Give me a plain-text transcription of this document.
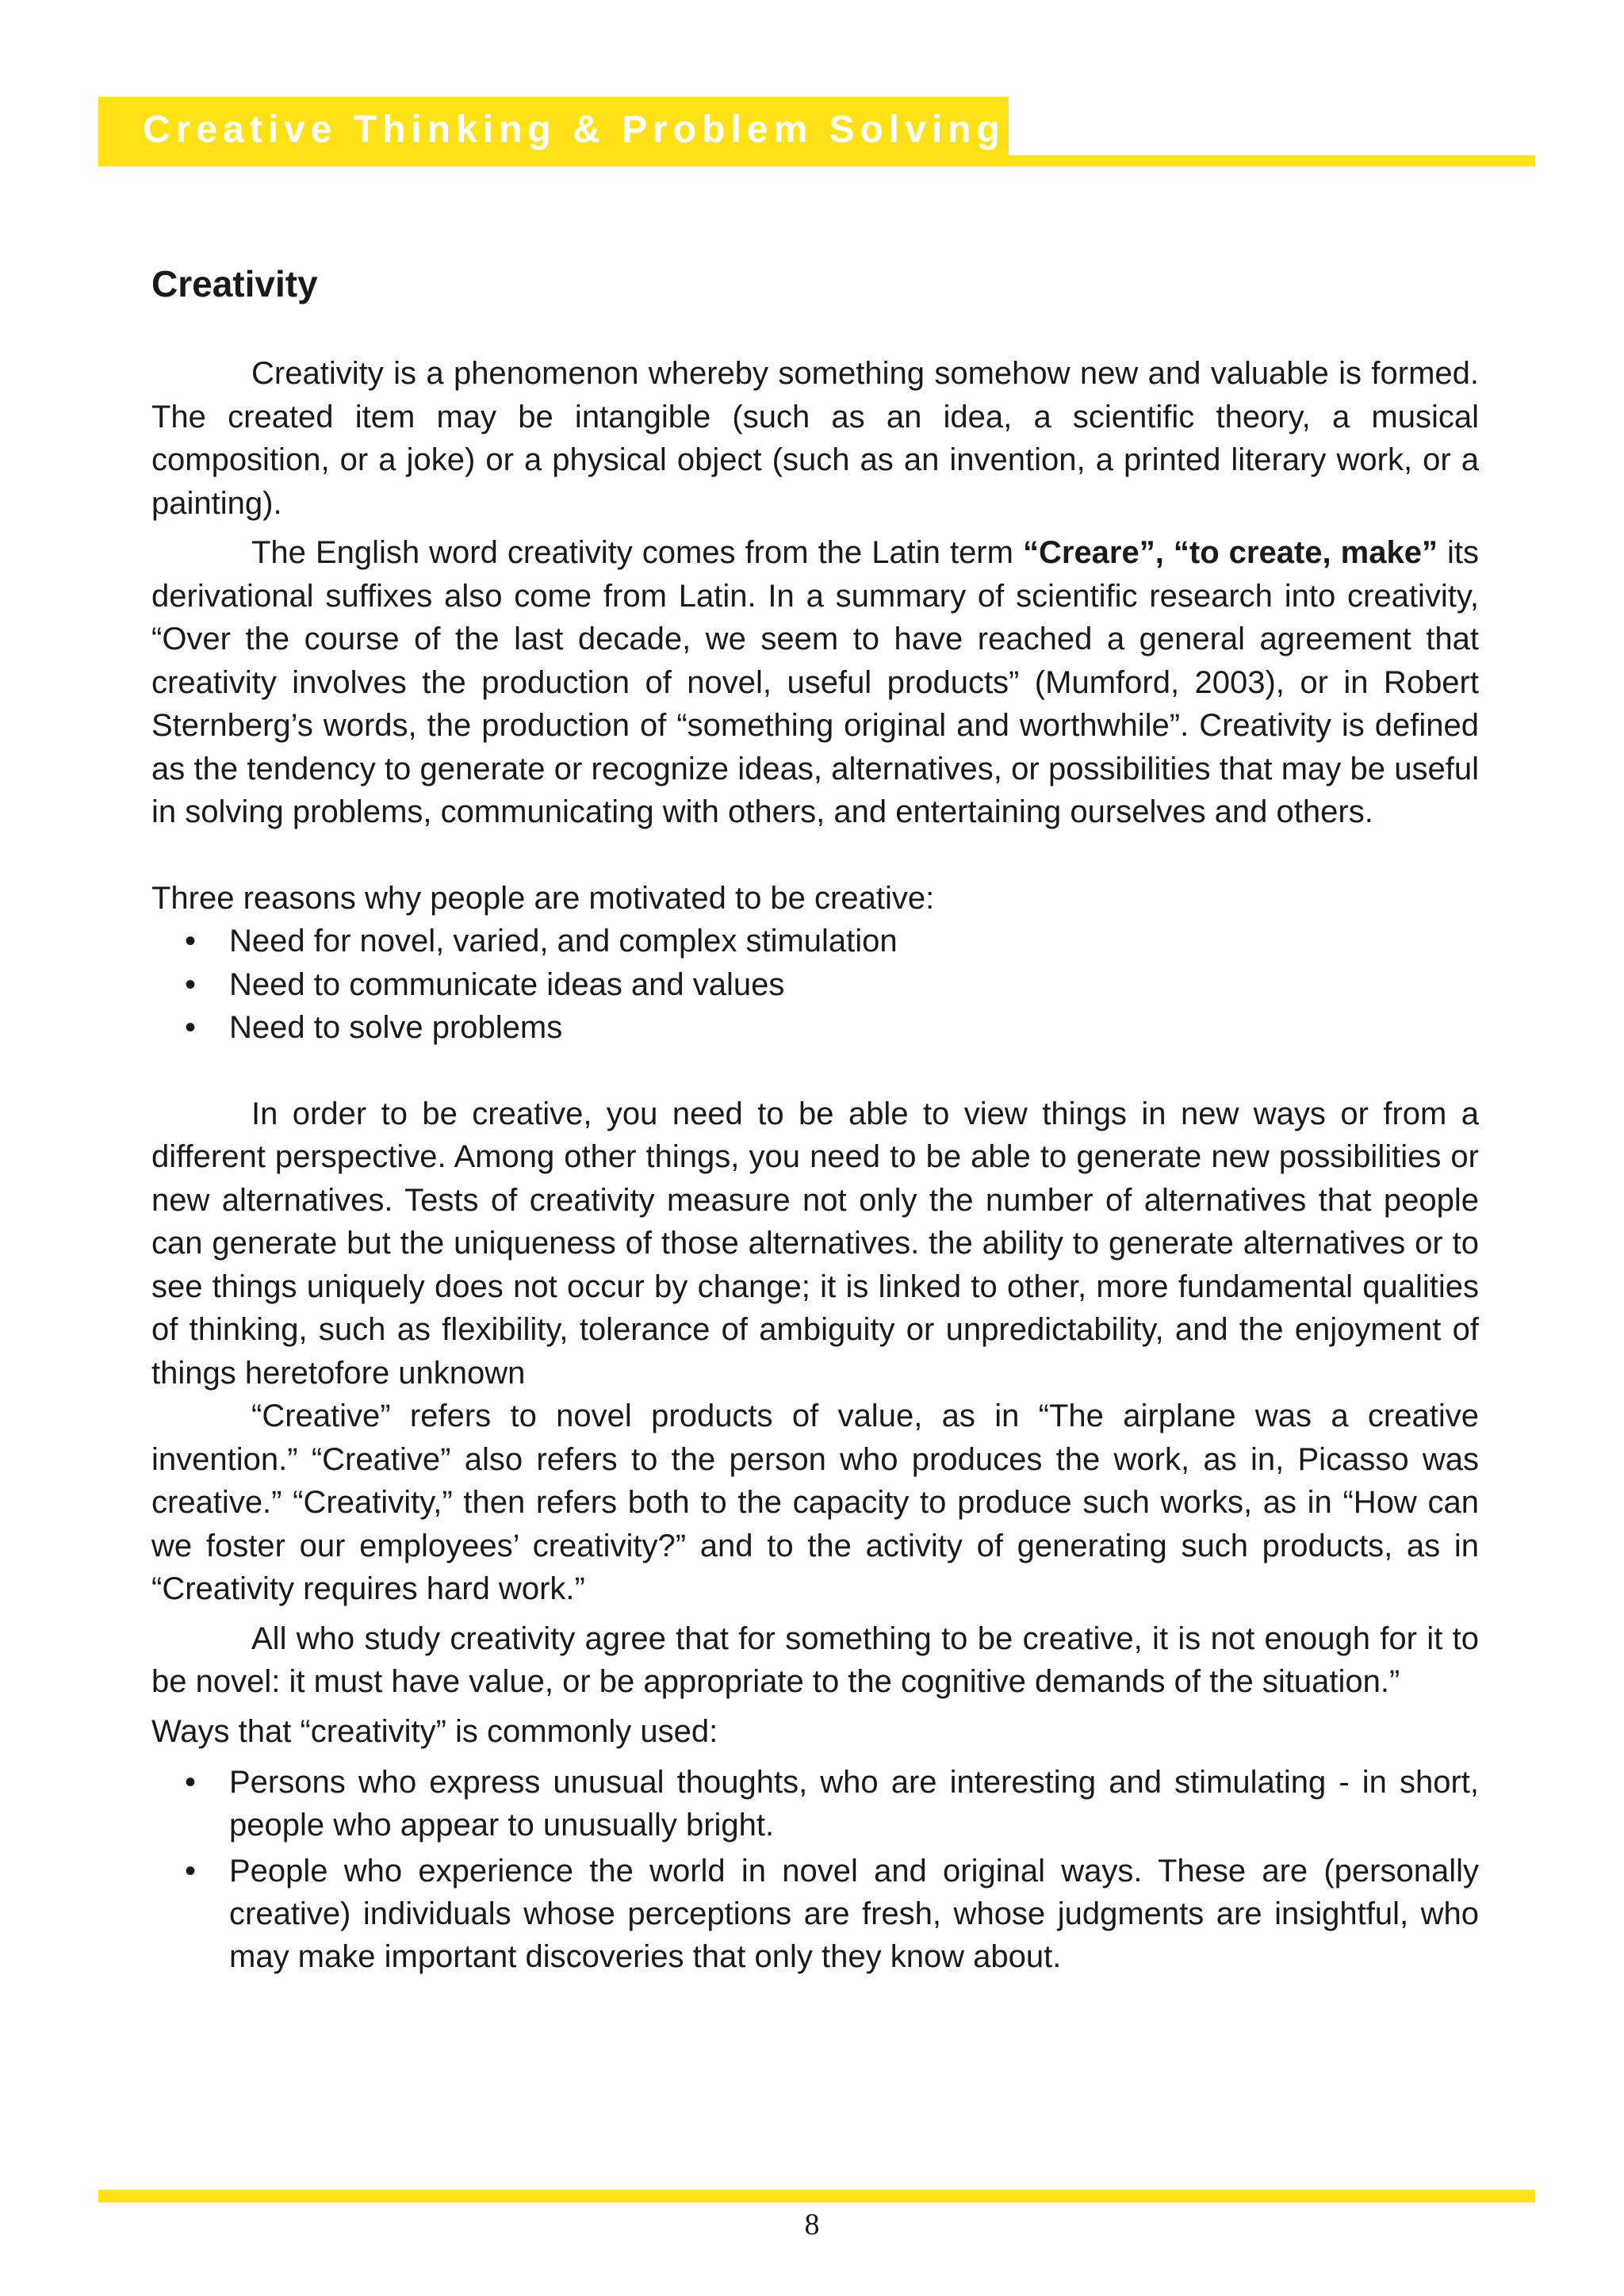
Creative Thinking & Problem Solving
Creativity

Creativity is a phenomenon whereby something somehow new and valuable is formed. The created item may be intangible (such as an idea, a scientific theory, a musical composition, or a joke) or a physical object (such as an invention, a printed literary work, or a painting).

The English word creativity comes from the Latin term “Creare”, “to create, make” its derivational suffixes also come from Latin. In a summary of scientific research into creativity, “Over the course of the last decade, we seem to have reached a general agreement that creativity involves the production of novel, useful products” (Mumford, 2003), or in Robert Sternberg’s words, the production of “something original and worthwhile”. Creativity is defined as the tendency to generate or recognize ideas, alternatives, or possibilities that may be useful in solving problems, communicating with others, and entertaining ourselves and others.

Three reasons why people are motivated to be creative:

• Need for novel, varied, and complex stimulation
• Need to communicate ideas and values
• Need to solve problems

In order to be creative, you need to be able to view things in new ways or from a different perspective. Among other things, you need to be able to generate new possibilities or new alternatives. Tests of creativity measure not only the number of alternatives that people can generate but the uniqueness of those alternatives. the ability to generate alternatives or to see things uniquely does not occur by change; it is linked to other, more fundamental qualities of thinking, such as flexibility, tolerance of ambiguity or unpredictability, and the enjoyment of things heretofore unknown

“Creative” refers to novel products of value, as in “The airplane was a creative invention.” “Creative” also refers to the person who produces the work, as in, Picasso was creative.” “Creativity,” then refers both to the capacity to produce such works, as in “How can we foster our employees’ creativity?” and to the activity of generating such products, as in “Creativity requires hard work.”

All who study creativity agree that for something to be creative, it is not enough for it to be novel: it must have value, or be appropriate to the cognitive demands of the situation.”

Ways that “creativity” is commonly used:

• Persons who express unusual thoughts, who are interesting and stimulating - in short, people who appear to unusually bright.
• People who experience the world in novel and original ways. These are (personally creative) individuals whose perceptions are fresh, whose judgments are insightful, who may make important discoveries that only they know about.
8
